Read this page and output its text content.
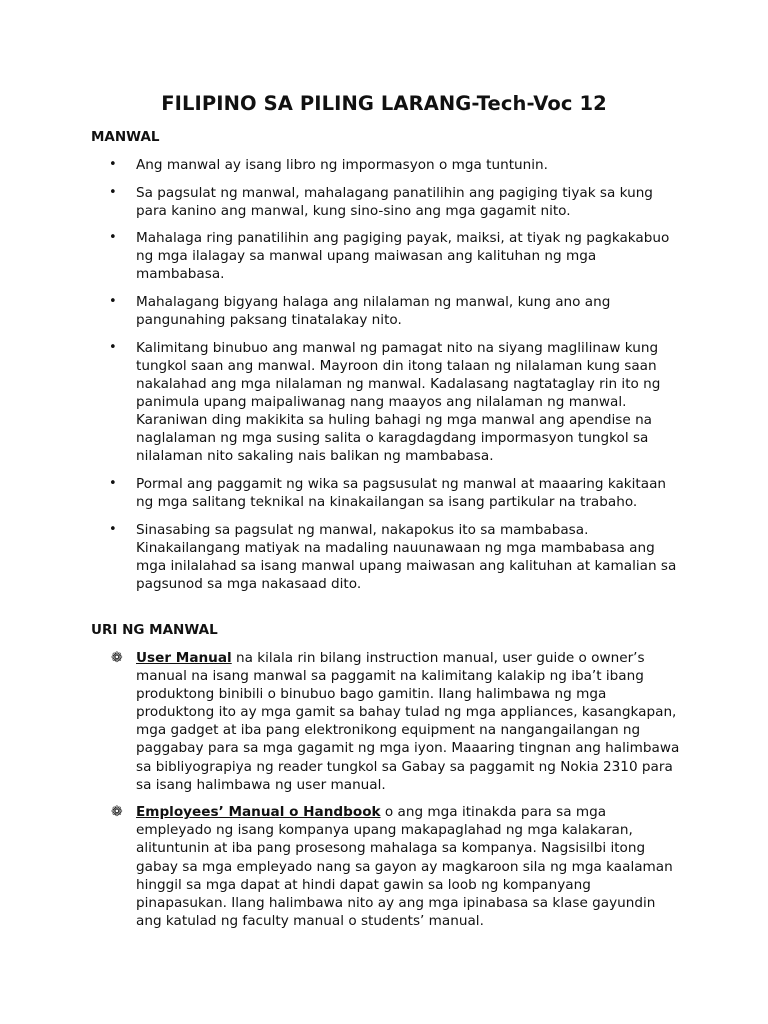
FILIPINO SA PILING LARANG-Tech-Voc 12
MANWAL
• Ang manwal ay isang libro ng impormasyon o mga tuntunin.
• Sa pagsulat ng manwal, mahalagang panatilihin ang pagiging tiyak sa kung para kanino ang manwal, kung sino-sino ang mga gagamit nito.
• Mahalaga ring panatilihin ang pagiging payak, maiksi, at tiyak ng pagkakabuo ng mga ilalagay sa manwal upang maiwasan ang kalituhan ng mga mambabasa.
• Mahalagang bigyang halaga ang nilalaman ng manwal, kung ano ang pangunahing paksang tinatalakay nito.
• Kalimitang binubuo ang manwal ng pamagat nito na siyang maglilinaw kung tungkol saan ang manwal. Mayroon din itong talaan ng nilalaman kung saan nakalahad ang mga nilalaman ng manwal. Kadalasang nagtataglay rin ito ng panimula upang maipaliwanag nang maayos ang nilalaman ng manwal. Karaniwan ding makikita sa huling bahagi ng mga manwal ang apendise na naglalaman ng mga susing salita o karagdagdang impormasyon tungkol sa nilalaman nito sakaling nais balikan ng mambabasa.
• Pormal ang paggamit ng wika sa pagsusulat ng manwal at maaaring kakitaan ng mga salitang teknikal na kinakailangan sa isang partikular na trabaho.
• Sinasabing sa pagsulat ng manwal, nakapokus ito sa mambabasa. Kinakailangang matiyak na madaling nauunawaan ng mga mambabasa ang mga inilalahad sa isang manwal upang maiwasan ang kalituhan at kamalian sa pagsunod sa mga nakasaad dito.
URI NG MANWAL
❁ User Manual na kilala rin bilang instruction manual, user guide o owner’s manual na isang manwal sa paggamit na kalimitang kalakip ng iba’t ibang produktong binibili o binubuo bago gamitin. Ilang halimbawa ng mga produktong ito ay mga gamit sa bahay tulad ng mga appliances, kasangkapan, mga gadget at iba pang elektronikong equipment na nangangailangan ng paggabay para sa mga gagamit ng mga iyon. Maaaring tingnan ang halimbawa sa bibliyograpiya ng reader tungkol sa Gabay sa paggamit ng Nokia 2310 para sa isang halimbawa ng user manual.
❁ Employees’ Manual o Handbook o ang mga itinakda para sa mga empleyado ng isang kompanya upang makapaglahad ng mga kalakaran, alituntunin at iba pang prosesong mahalaga sa kompanya. Nagsisilbi itong gabay sa mga empleyado nang sa gayon ay magkaroon sila ng mga kaalaman hinggil sa mga dapat at hindi dapat gawin sa loob ng kompanyang pinapasukan. Ilang halimbawa nito ay ang mga ipinabasa sa klase gayundin ang katulad ng faculty manual o students’ manual.
